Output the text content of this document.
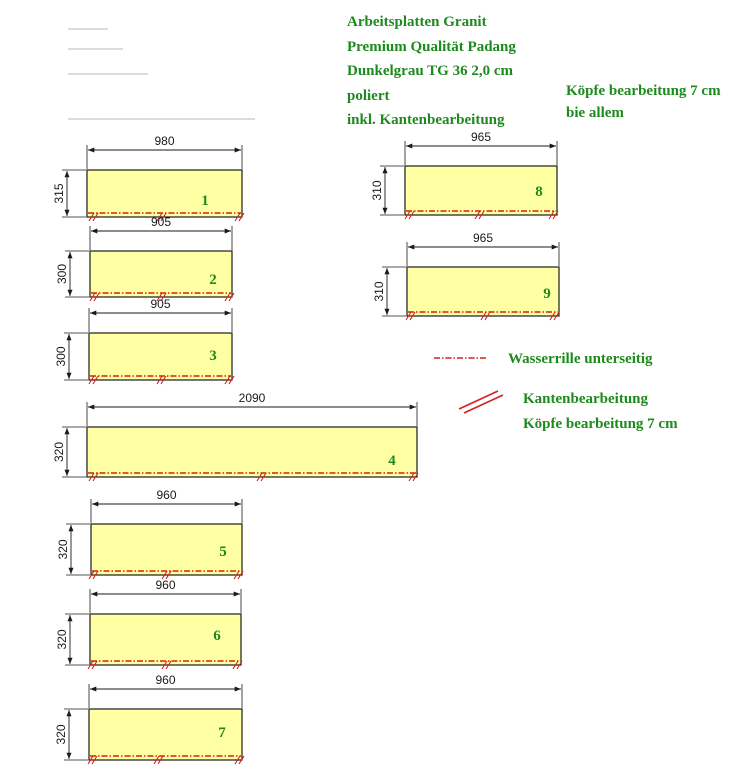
Arbeitsplatten Granit
Premium Qualität Padang
Dunkelgrau TG 36 2,0 cm
poliert
inkl. Kantenbearbeitung
Köpfe bearbeitung 7 cm
bie allem
980
315	1
905
300	2
905
300	3
2090
320	4
960
320	5
960
320	6
960
320	7
965
310	8
965
310	9
Wasserrille unterseitig
Kantenbearbeitung
Köpfe bearbeitung 7 cm
